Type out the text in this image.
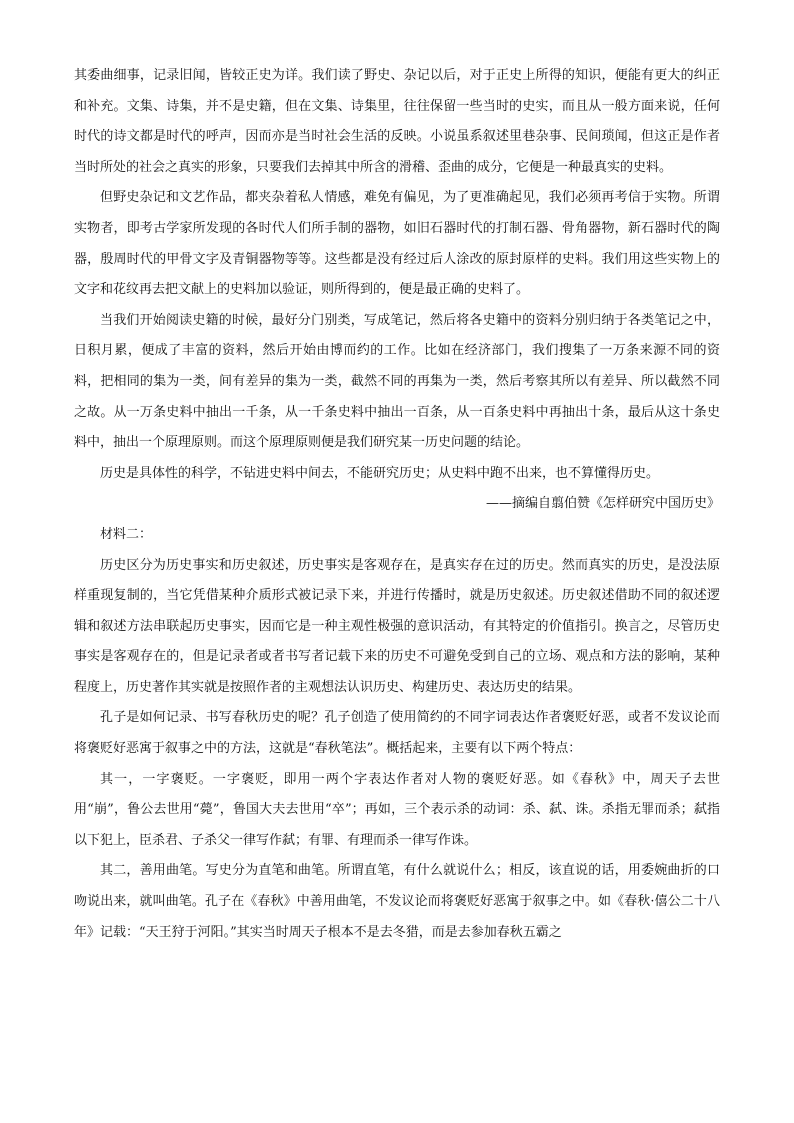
其委曲细事，记录旧闻，皆较正史为详。我们读了野史、杂记以后，对于正史上所得的知识，便能有更大的纠正和补充。文集、诗集，并不是史籍，但在文集、诗集里，往往保留一些当时的史实，而且从一般方面来说，任何时代的诗文都是时代的呼声，因而亦是当时社会生活的反映。小说虽系叙述里巷杂事、民间琐闻，但这正是作者当时所处的社会之真实的形象，只要我们去掉其中所含的滑稽、歪曲的成分，它便是一种最真实的史料。

但野史杂记和文艺作品，都夹杂着私人情感，难免有偏见，为了更准确起见，我们必须再考信于实物。所谓实物者，即考古学家所发现的各时代人们所手制的器物，如旧石器时代的打制石器、骨角器物，新石器时代的陶器，殷周时代的甲骨文字及青铜器物等等。这些都是没有经过后人涂改的原封原样的史料。我们用这些实物上的文字和花纹再去把文献上的史料加以验证，则所得到的，便是最正确的史料了。

当我们开始阅读史籍的时候，最好分门别类，写成笔记，然后将各史籍中的资料分别归纳于各类笔记之中，日积月累，便成了丰富的资料，然后开始由博而约的工作。比如在经济部门，我们搜集了一万条来源不同的资料，把相同的集为一类，间有差异的集为一类，截然不同的再集为一类，然后考察其所以有差异、所以截然不同之故。从一万条史料中抽出一千条，从一千条史料中抽出一百条，从一百条史料中再抽出十条，最后从这十条史料中，抽出一个原理原则。而这个原理原则便是我们研究某一历史问题的结论。

历史是具体性的科学，不钻进史料中间去，不能研究历史；从史料中跑不出来，也不算懂得历史。

——摘编自翦伯赞《怎样研究中国历史》

材料二：

历史区分为历史事实和历史叙述，历史事实是客观存在，是真实存在过的历史。然而真实的历史，是没法原样重现复制的，当它凭借某种介质形式被记录下来，并进行传播时，就是历史叙述。历史叙述借助不同的叙述逻辑和叙述方法串联起历史事实，因而它是一种主观性极强的意识活动，有其特定的价值指引。换言之，尽管历史事实是客观存在的，但是记录者或者书写者记载下来的历史不可避免受到自己的立场、观点和方法的影响，某种程度上，历史著作其实就是按照作者的主观想法认识历史、构建历史、表达历史的结果。

孔子是如何记录、书写春秋历史的呢？孔子创造了使用简约的不同字词表达作者褒贬好恶，或者不发议论而将褒贬好恶寓于叙事之中的方法，这就是“春秋笔法”。概括起来，主要有以下两个特点：

其一，一字褒贬。一字褒贬，即用一两个字表达作者对人物的褒贬好恶。如《春秋》中，周天子去世用“崩”，鲁公去世用“薨”，鲁国大夫去世用“卒”；再如，三个表示杀的动词：杀、弑、诛。杀指无罪而杀；弑指以下犯上，臣杀君、子杀父一律写作弑；有罪、有理而杀一律写作诛。

其二，善用曲笔。写史分为直笔和曲笔。所谓直笔，有什么就说什么；相反，该直说的话，用委婉曲折的口吻说出来，就叫曲笔。孔子在《春秋》中善用曲笔，不发议论而将褒贬好恶寓于叙事之中。如《春秋·僖公二十八年》记载：“天王狩于河阳。”其实当时周天子根本不是去冬猎，而是去参加春秋五霸之
